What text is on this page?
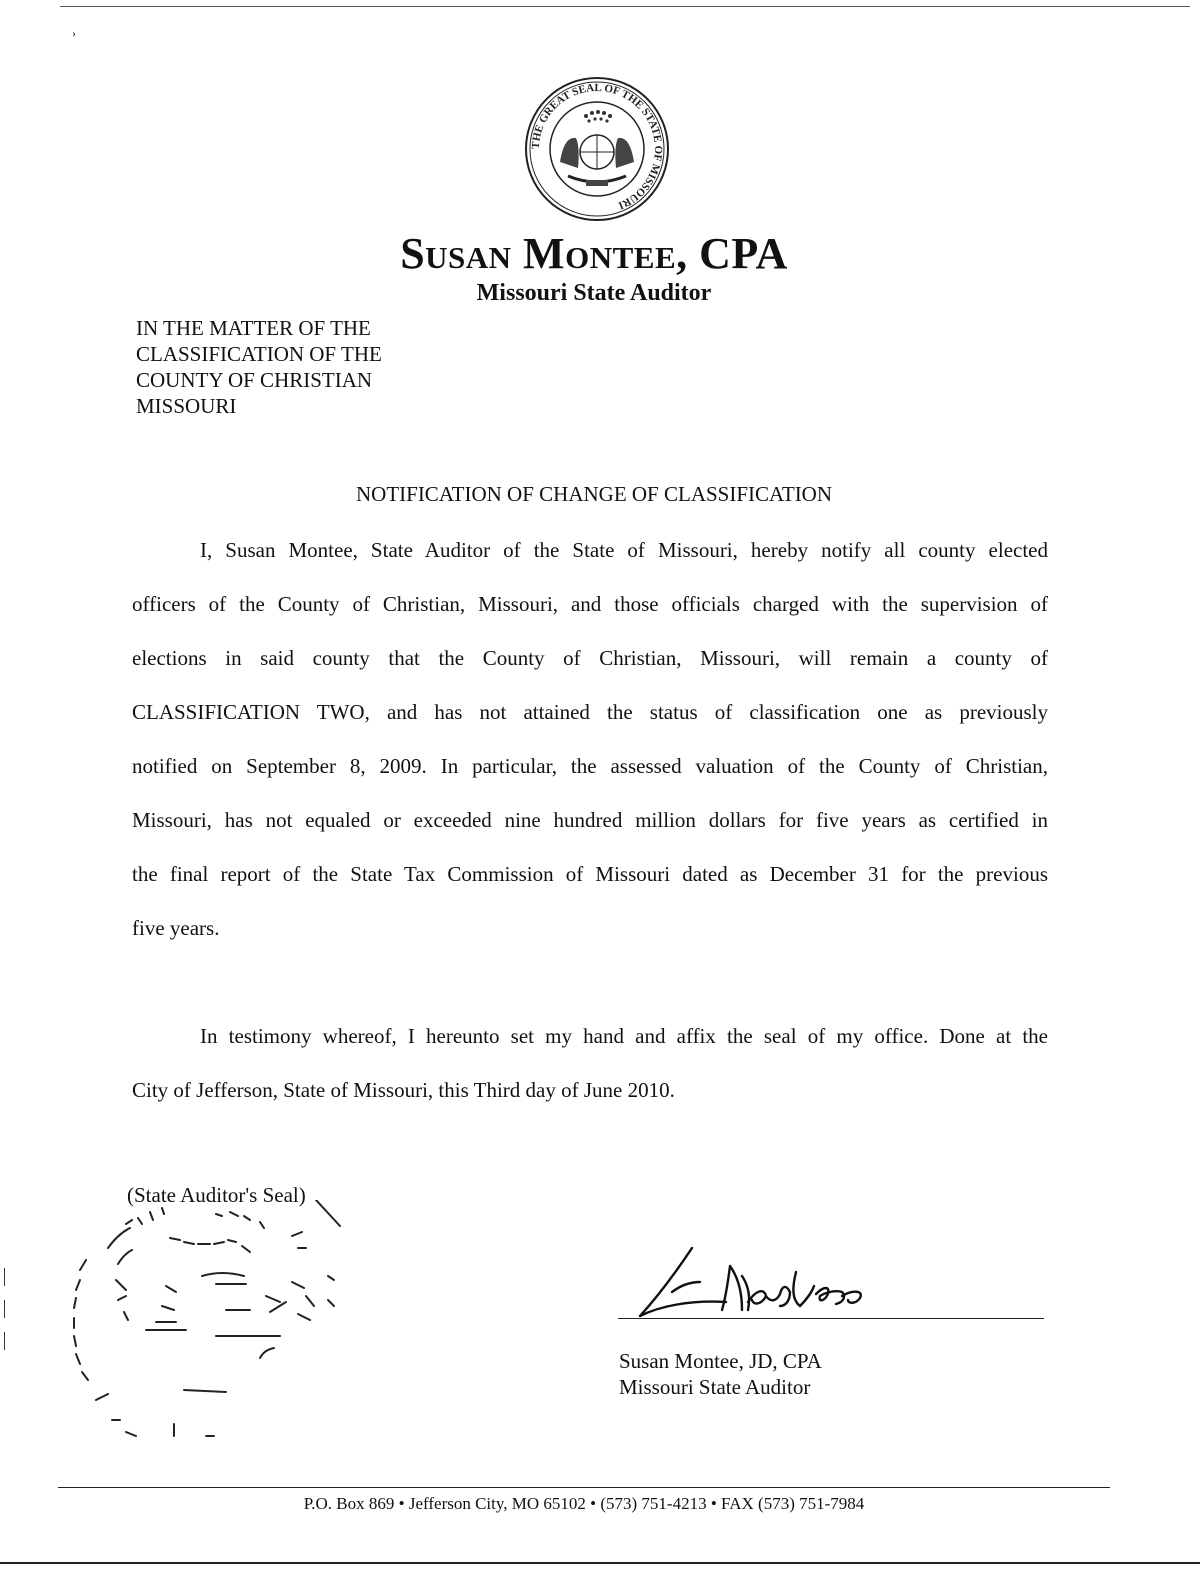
›
THE GREAT SEAL OF THE STATE OF MISSOURI
Susan Montee, CPA
Missouri State Auditor
IN THE MATTER OF THE
CLASSIFICATION OF THE
COUNTY OF CHRISTIAN
MISSOURI
NOTIFICATION OF CHANGE OF CLASSIFICATION
I, Susan Montee, State Auditor of the State of Missouri, hereby notify all county elected
officers of the County of Christian, Missouri, and those officials charged with the supervision of
elections in said county that the County of Christian, Missouri, will remain a county of
CLASSIFICATION TWO, and has not attained the status of classification one as previously
notified on September 8, 2009. In particular, the assessed valuation of the County of Christian,
Missouri, has not equaled or exceeded nine hundred million dollars for five years as certified in
the final report of the State Tax Commission of Missouri dated as December 31 for the previous
five years.
In testimony whereof, I hereunto set my hand and affix the seal of my office. Done at the
City of Jefferson, State of Missouri, this Third day of June 2010.
(State Auditor's Seal)
Susan Montee, JD, CPA
Missouri State Auditor
P.O. Box 869 • Jefferson City, MO 65102 • (573) 751-4213 • FAX (573) 751-7984
